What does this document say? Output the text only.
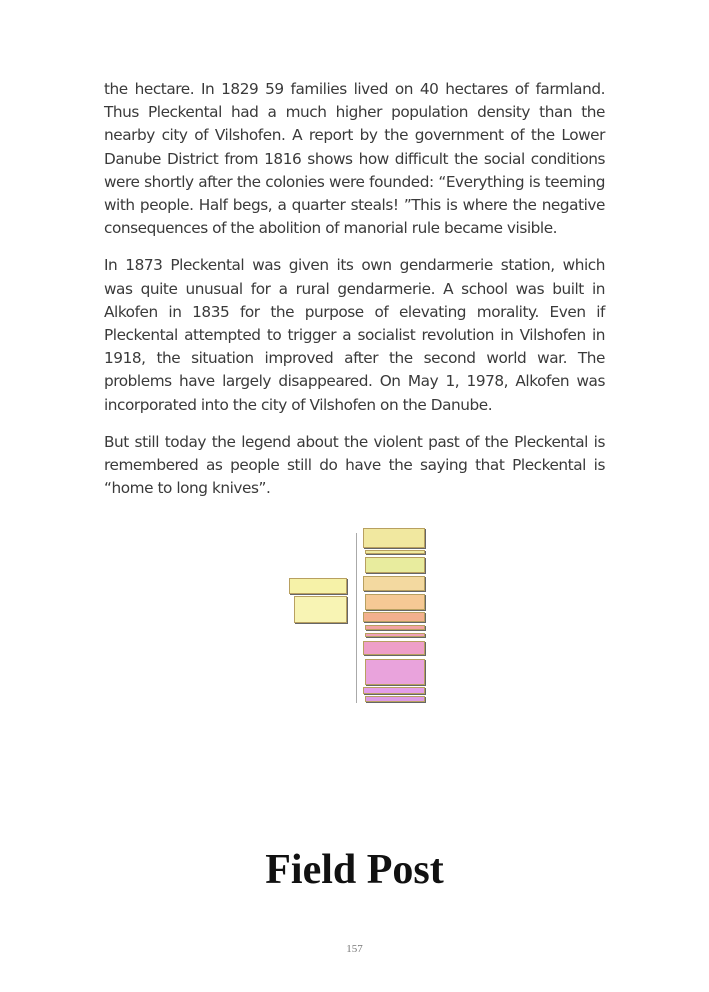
the hectare. In 1829 59 families lived on 40 hectares of farmland. Thus Pleckental had a much higher population density than the nearby city of Vilshofen. A report by the government of the Lower Danube District from 1816 shows how difficult the social conditions were shortly after the colonies were founded: “Everything is teeming with people. Half begs, a quarter steals! ”This is where the negative consequences of the abolition of manorial rule became visible.

In 1873 Pleckental was given its own gendarmerie station, which was quite unusual for a rural gendarmerie. A school was built in Alkofen in 1835 for the purpose of elevating morality. Even if Pleckental attempted to trigger a socialist revolution in Vilshofen in 1918, the situation improved after the second world war. The problems have largely disappeared. On May 1, 1978, Alkofen was incorporated into the city of Vilshofen on the Danube.

But still today the legend about the violent past of the Pleckental is remembered as people still do have the saying that Pleckental is “home to long knives”.

Field Post
157
